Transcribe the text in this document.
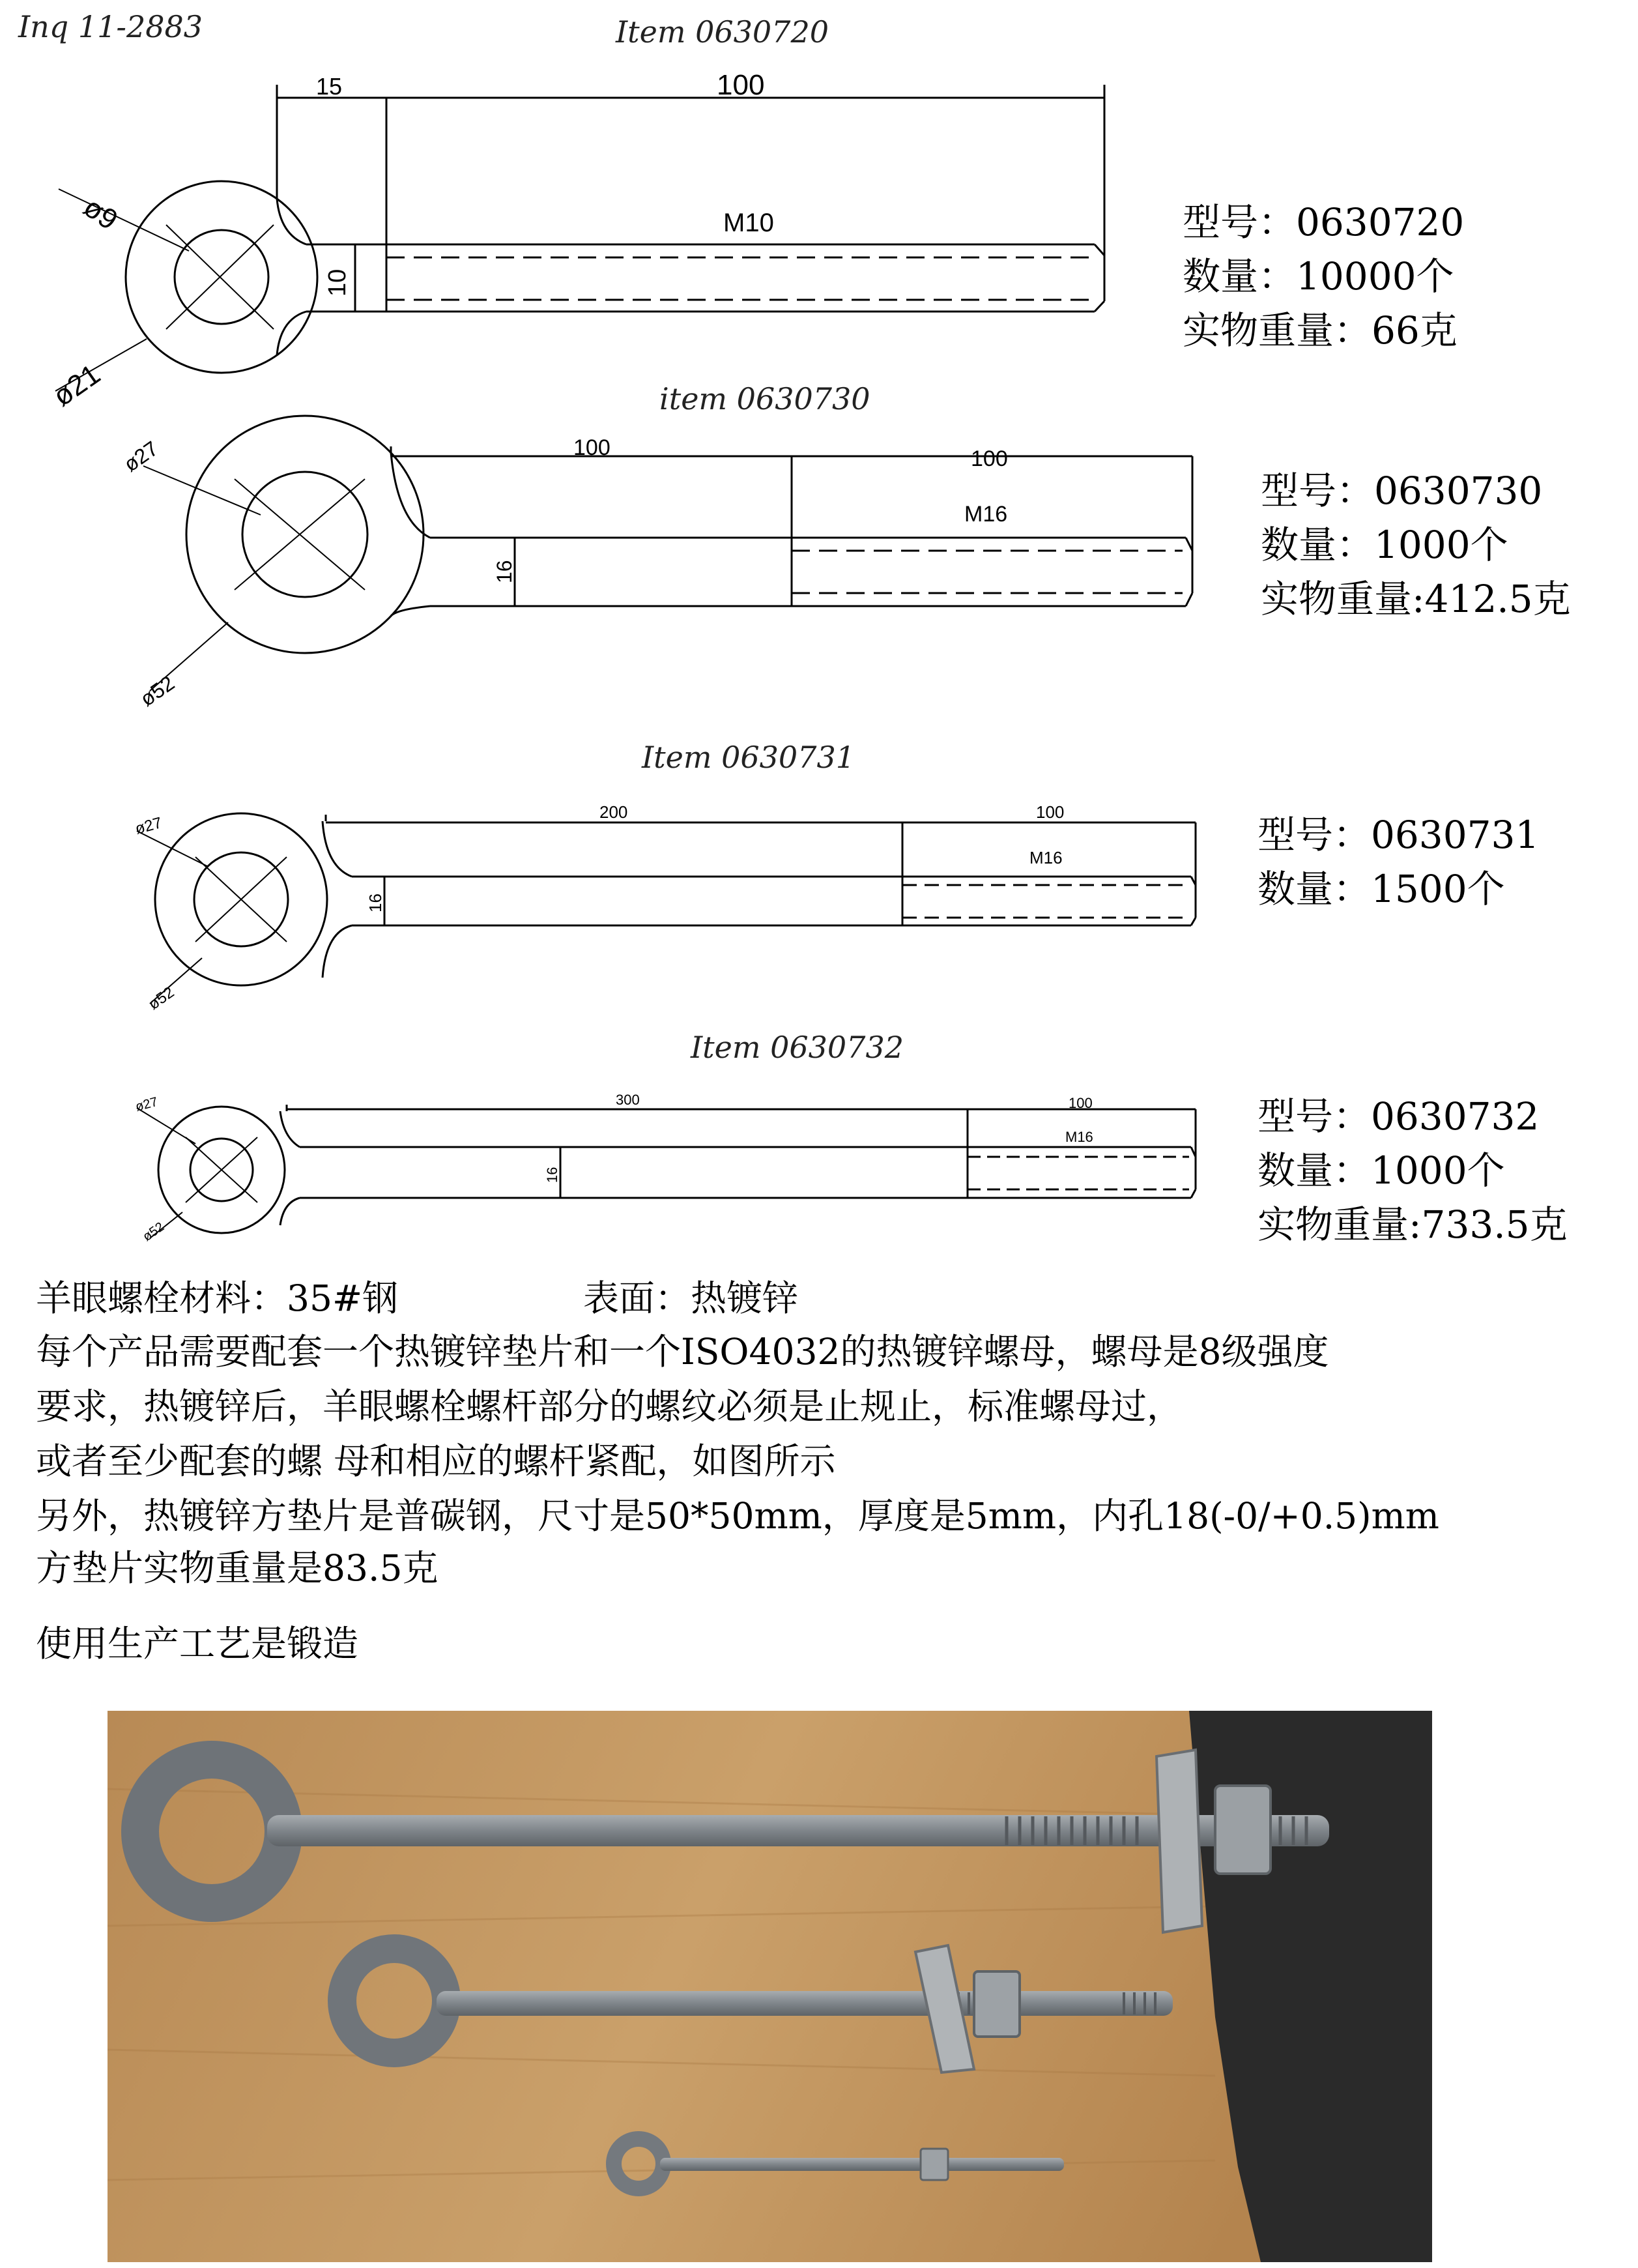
Inq 11-2883	Item 0630720
item 0630730
Item 0630731
Item 0630732
15	100
M10
10
ø9
ø21
100	100
M16
16
ø27
ø52
200	100
M16
16
ø27
ø52
300	100
M16
16
ø27
ø52
型号：0630720
数量：10000个
实物重量：66克
型号：0630730
数量：1000个
实物重量:412.5克
型号：0630731
数量：1500个
型号：0630732
数量：1000个
实物重量:733.5克
羊眼螺栓材料：35#钢	表面：热镀锌
每个产品需要配套一个热镀锌垫片和一个ISO4032的热镀锌螺母，螺母是8级强度
要求，热镀锌后，羊眼螺栓螺杆部分的螺纹必须是止规止，标准螺母过，
或者至少配套的螺 母和相应的螺杆紧配，如图所示
另外，热镀锌方垫片是普碳钢，尺寸是50*50mm，厚度是5mm，内孔18(-0/+0.5)mm
方垫片实物重量是83.5克
使用生产工艺是锻造
